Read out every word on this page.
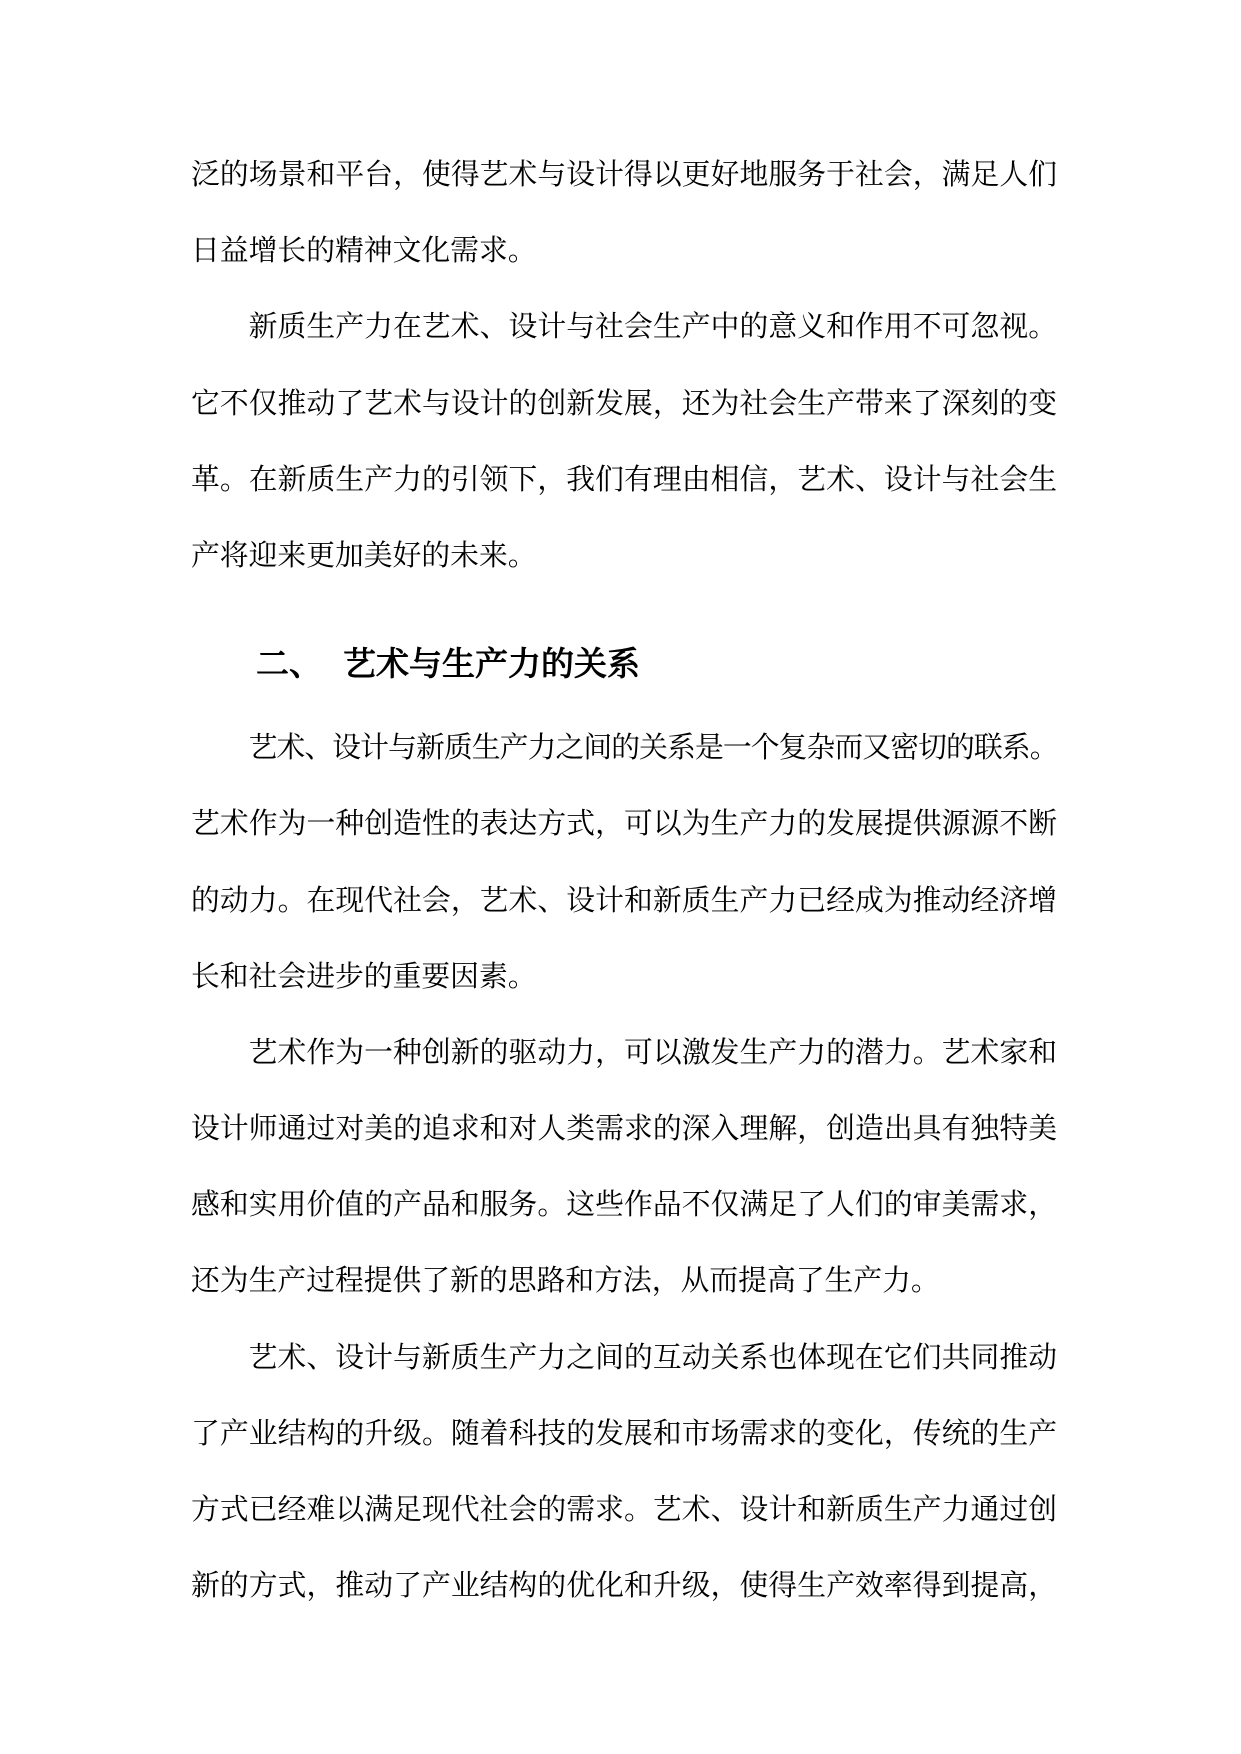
泛的场景和平台，使得艺术与设计得以更好地服务于社会，满足人们
日益增长的精神文化需求。
新质生产力在艺术、设计与社会生产中的意义和作用不可忽视。
它不仅推动了艺术与设计的创新发展，还为社会生产带来了深刻的变
革。在新质生产力的引领下，我们有理由相信，艺术、设计与社会生
产将迎来更加美好的未来。
二、 艺术与生产力的关系
艺术、设计与新质生产力之间的关系是一个复杂而又密切的联系。
艺术作为一种创造性的表达方式，可以为生产力的发展提供源源不断
的动力。在现代社会，艺术、设计和新质生产力已经成为推动经济增
长和社会进步的重要因素。
艺术作为一种创新的驱动力，可以激发生产力的潜力。艺术家和
设计师通过对美的追求和对人类需求的深入理解，创造出具有独特美
感和实用价值的产品和服务。这些作品不仅满足了人们的审美需求，
还为生产过程提供了新的思路和方法，从而提高了生产力。
艺术、设计与新质生产力之间的互动关系也体现在它们共同推动
了产业结构的升级。随着科技的发展和市场需求的变化，传统的生产
方式已经难以满足现代社会的需求。艺术、设计和新质生产力通过创
新的方式，推动了产业结构的优化和升级，使得生产效率得到提高，
